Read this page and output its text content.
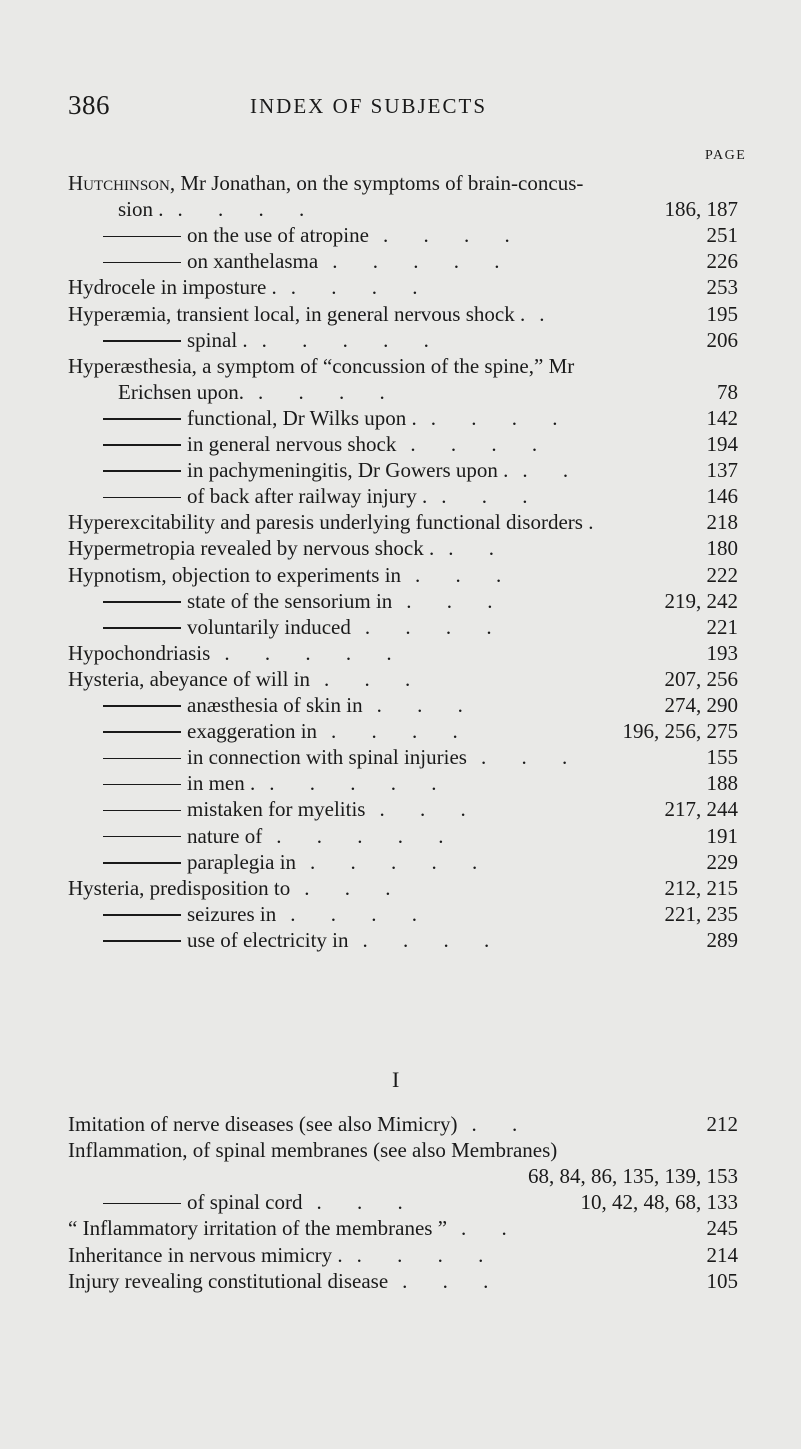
386	INDEX OF SUBJECTS
PAGE
Hutchinson, Mr Jonathan, on the symptoms of brain-concus-
sion . . . . .	186, 187
on the use of atropine . . . .	251
on xanthelasma . . . . .	226
Hydrocele in imposture . . . . .	253
Hyperæmia, transient local, in general nervous shock . .	195
spinal . . . . . .	206
Hyperæsthesia, a symptom of “concussion of the spine,” Mr
Erichsen upon. . . . .	78
functional, Dr Wilks upon . . . . .	142
in general nervous shock . . . .	194
in pachymeningitis, Dr Gowers upon . . .	137
of back after railway injury . . . .	146
Hyperexcitability and paresis underlying functional disorders .	218
Hypermetropia revealed by nervous shock . . .	180
Hypnotism, objection to experiments in . . .	222
state of the sensorium in . . .	219, 242
voluntarily induced . . . .	221
Hypochondriasis . . . . .	193
Hysteria, abeyance of will in . . .	207, 256
anæsthesia of skin in . . .	274, 290
exaggeration in . . . .	196, 256, 275
in connection with spinal injuries . . .	155
in men . . . . . .	188
mistaken for myelitis . . .	217, 244
nature of . . . . .	191
paraplegia in . . . . .	229
Hysteria, predisposition to . . .	212, 215
seizures in . . . .	221, 235
use of electricity in . . . .	289
I
Imitation of nerve diseases (see also Mimicry) . .	212
Inflammation, of spinal membranes (see also Membranes)
68, 84, 86, 135, 139, 153
of spinal cord . . .	10, 42, 48, 68, 133
“ Inflammatory irritation of the membranes ” . .	245
Inheritance in nervous mimicry . . . . .	214
Injury revealing constitutional disease . . .	105
